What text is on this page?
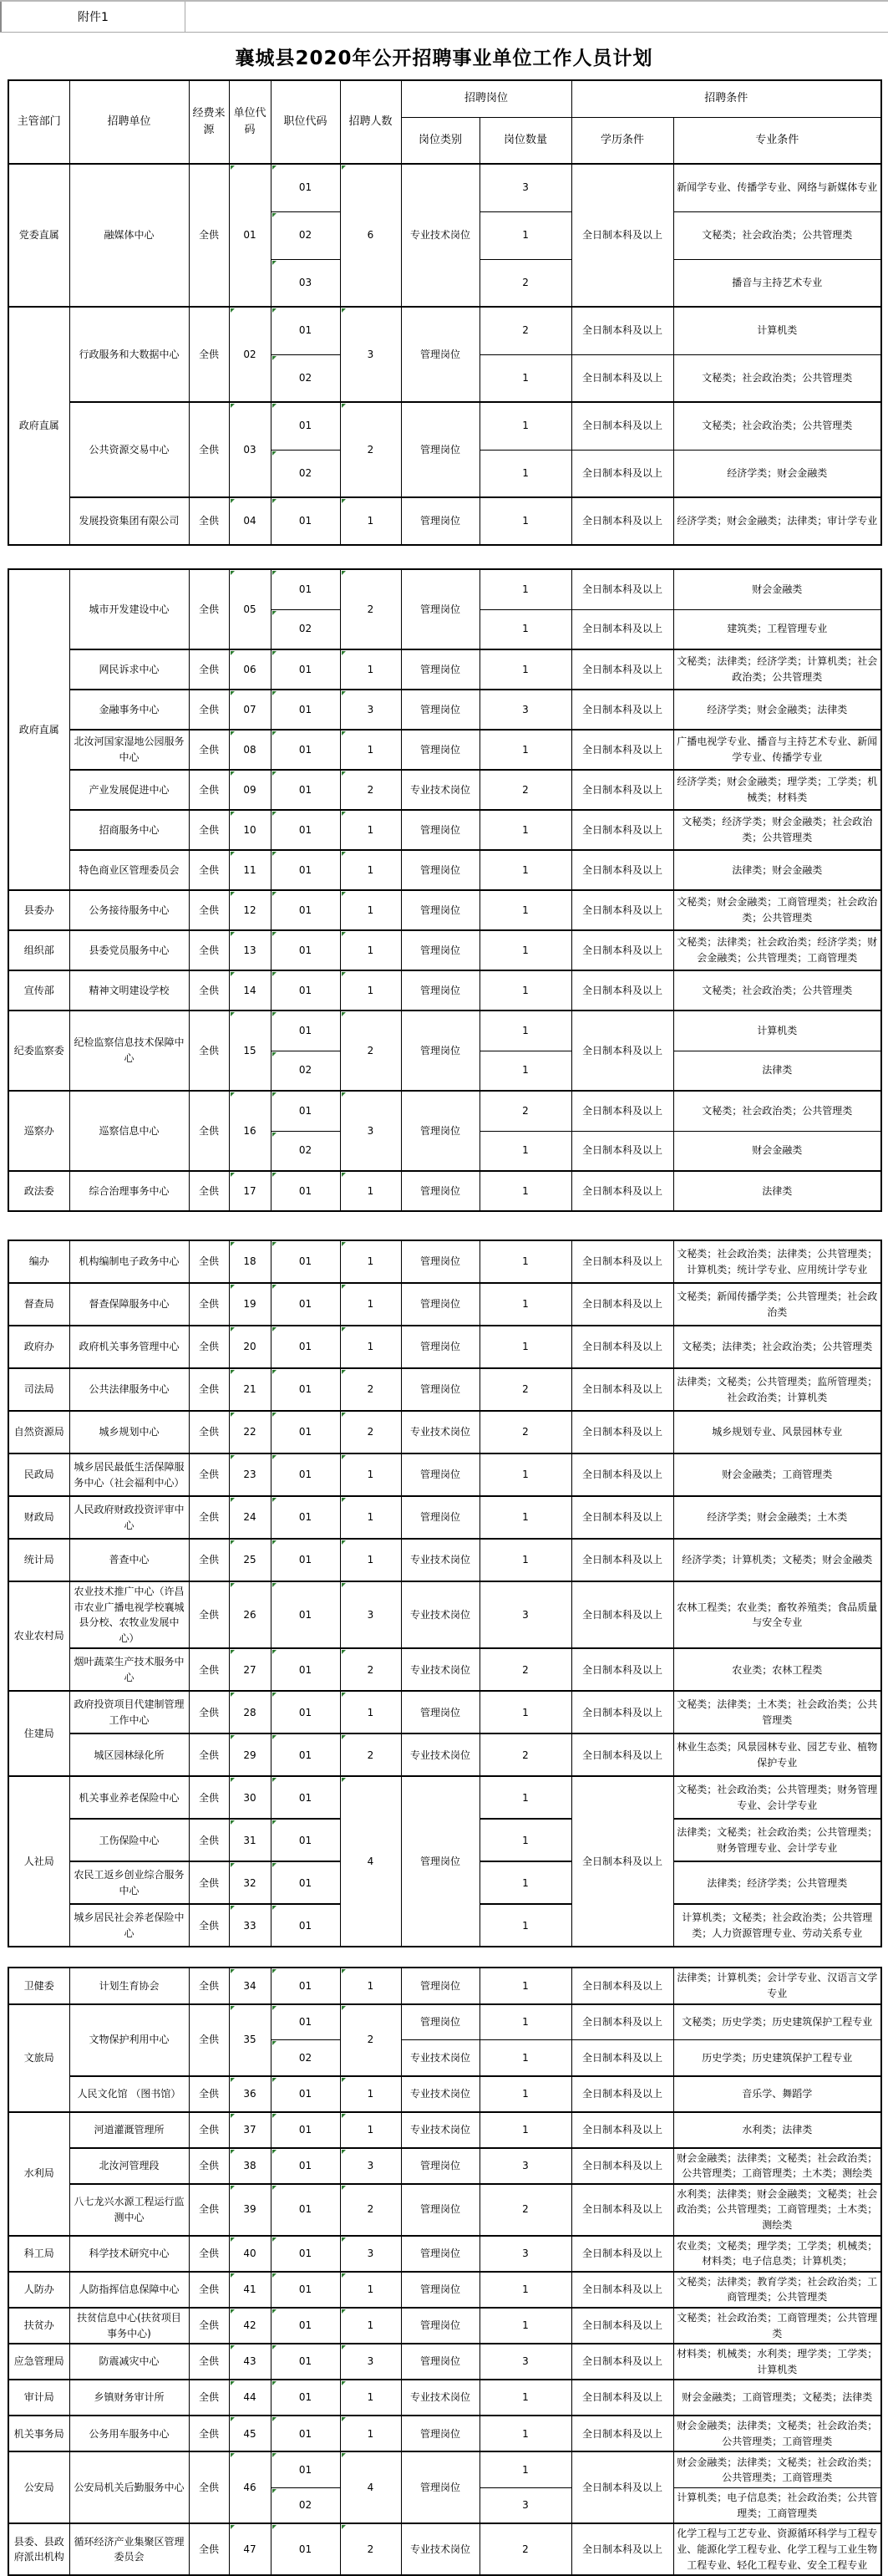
附件1
襄城县2020年公开招聘事业单位工作人员计划
主管部门	招聘单位	经费来源	单位代码	职位代码	招聘人数	招聘岗位		招聘条件	
						岗位类别	岗位数量	学历条件	专业条件
党委直属	融媒体中心	全供	01	01	6	专业技术岗位	3	全日制本科及以上	新闻学专业、传播学专业、网络与新媒体专业
				02			1		文秘类；社会政治类；公共管理类
				03			2		播音与主持艺术专业
政府直属	行政服务和大数据中心	全供	02	01	3	管理岗位	2	全日制本科及以上	计算机类
				02			1	全日制本科及以上	文秘类；社会政治类；公共管理类
	公共资源交易中心	全供	03	01	2	管理岗位	1	全日制本科及以上	文秘类；社会政治类；公共管理类
				02			1	全日制本科及以上	经济学类；财会金融类
	发展投资集团有限公司	全供	04	01	1	管理岗位	1	全日制本科及以上	经济学类；财会金融类；法律类；审计学专业
政府直属	城市开发建设中心	全供	05	01	2	管理岗位	1	全日制本科及以上	财会金融类
				02			1	全日制本科及以上	建筑类；工程管理专业
	网民诉求中心	全供	06	01	1	管理岗位	1	全日制本科及以上	文秘类；法律类；经济学类；计算机类；社会政治类；公共管理类
	金融事务中心	全供	07	01	3	管理岗位	3	全日制本科及以上	经济学类；财会金融类；法律类
	北汝河国家湿地公园服务中心	全供	08	01	1	管理岗位	1	全日制本科及以上	广播电视学专业、播音与主持艺术专业、新闻学专业、传播学专业
	产业发展促进中心	全供	09	01	2	专业技术岗位	2	全日制本科及以上	经济学类；财会金融类；理学类；工学类；机械类；材料类
	招商服务中心	全供	10	01	1	管理岗位	1	全日制本科及以上	文秘类；经济学类；财会金融类；社会政治类；公共管理类
	特色商业区管理委员会	全供	11	01	1	管理岗位	1	全日制本科及以上	法律类；财会金融类
县委办	公务接待服务中心	全供	12	01	1	管理岗位	1	全日制本科及以上	文秘类；财会金融类；工商管理类；社会政治类；公共管理类
组织部	县委党员服务中心	全供	13	01	1	管理岗位	1	全日制本科及以上	文秘类；法律类；社会政治类；经济学类；财会金融类；公共管理类；工商管理类
宣传部	精神文明建设学校	全供	14	01	1	管理岗位	1	全日制本科及以上	文秘类；社会政治类；公共管理类
纪委监察委	纪检监察信息技术保障中心	全供	15	01	2	管理岗位	1	全日制本科及以上	计算机类
				02			1		法律类
巡察办	巡察信息中心	全供	16	01	3	管理岗位	2	全日制本科及以上	文秘类；社会政治类；公共管理类
				02			1	全日制本科及以上	财会金融类
政法委	综合治理事务中心	全供	17	01	1	管理岗位	1	全日制本科及以上	法律类
编办	机构编制电子政务中心	全供	18	01	1	管理岗位	1	全日制本科及以上	文秘类；社会政治类；法律类；公共管理类；计算机类；统计学专业、应用统计学专业
督查局	督查保障服务中心	全供	19	01	1	管理岗位	1	全日制本科及以上	文秘类；新闻传播学类；公共管理类；社会政治类
政府办	政府机关事务管理中心	全供	20	01	1	管理岗位	1	全日制本科及以上	文秘类；法律类；社会政治类；公共管理类
司法局	公共法律服务中心	全供	21	01	2	管理岗位	2	全日制本科及以上	法律类；文秘类；公共管理类；监所管理类；社会政治类；计算机类
自然资源局	城乡规划中心	全供	22	01	2	专业技术岗位	2	全日制本科及以上	城乡规划专业、风景园林专业
民政局	城乡居民最低生活保障服务中心（社会福利中心）	全供	23	01	1	管理岗位	1	全日制本科及以上	财会金融类；工商管理类
财政局	人民政府财政投资评审中心	全供	24	01	1	管理岗位	1	全日制本科及以上	经济学类；财会金融类；土木类
统计局	普查中心	全供	25	01	1	专业技术岗位	1	全日制本科及以上	经济学类；计算机类；文秘类；财会金融类
农业农村局	农业技术推广中心（许昌市农业广播电视学校襄城县分校、农牧业发展中心）	全供	26	01	3	专业技术岗位	3	全日制本科及以上	农林工程类；农业类；畜牧养殖类；食品质量与安全专业
	烟叶蔬菜生产技术服务中心	全供	27	01	2	专业技术岗位	2	全日制本科及以上	农业类；农林工程类
住建局	政府投资项目代建制管理工作中心	全供	28	01	1	管理岗位	1	全日制本科及以上	文秘类；法律类；土木类；社会政治类；公共管理类
	城区园林绿化所	全供	29	01	2	专业技术岗位	2	全日制本科及以上	林业生态类；风景园林专业、园艺专业、植物保护专业
人社局	机关事业养老保险中心	全供	30	01	4	管理岗位	1	全日制本科及以上	文秘类；社会政治类；公共管理类；财务管理专业、会计学专业
	工伤保险中心	全供	31	01			1		法律类；文秘类；社会政治类；公共管理类；财务管理专业、会计学专业
	农民工返乡创业综合服务中心	全供	32	01			1		法律类；经济学类；公共管理类
	城乡居民社会养老保险中心	全供	33	01			1		计算机类；文秘类；社会政治类；公共管理类；人力资源管理专业、劳动关系专业
卫健委	计划生育协会	全供	34	01	1	管理岗位	1	全日制本科及以上	法律类；计算机类；会计学专业、汉语言文学专业
文旅局	文物保护利用中心	全供	35	01	2	管理岗位	1	全日制本科及以上	文秘类；历史学类；历史建筑保护工程专业
				02		专业技术岗位	1	全日制本科及以上	历史学类；历史建筑保护工程专业
	人民文化馆 （图书馆）	全供	36	01	1	专业技术岗位	1	全日制本科及以上	音乐学、舞蹈学
水利局	河道灌溉管理所	全供	37	01	1	专业技术岗位	1	全日制本科及以上	水利类；法律类
	北汝河管理段	全供	38	01	3	管理岗位	3	全日制本科及以上	财会金融类；法律类；文秘类；社会政治类；公共管理类；工商管理类；土木类；测绘类
	八七龙兴水源工程运行监测中心	全供	39	01	2	管理岗位	2	全日制本科及以上	水利类；法律类；财会金融类；文秘类；社会政治类；公共管理类；工商管理类；土木类；测绘类
科工局	科学技术研究中心	全供	40	01	3	管理岗位	3	全日制本科及以上	农业类；文秘类；理学类；工学类；机械类；材料类；电子信息类；计算机类；
人防办	人防指挥信息保障中心	全供	41	01	1	管理岗位	1	全日制本科及以上	文秘类；法律类；教育学类；社会政治类；工商管理类；公共管理类
扶贫办	扶贫信息中心(扶贫项目事务中心)	全供	42	01	1	管理岗位	1	全日制本科及以上	文秘类；社会政治类；工商管理类；公共管理类
应急管理局	防震减灾中心	全供	43	01	3	管理岗位	3	全日制本科及以上	材料类；机械类；水利类；理学类；工学类；计算机类
审计局	乡镇财务审计所	全供	44	01	1	专业技术岗位	1	全日制本科及以上	财会金融类；工商管理类；文秘类；法律类
机关事务局	公务用车服务中心	全供	45	01	1	管理岗位	1	全日制本科及以上	财会金融类；法律类；文秘类；社会政治类；公共管理类；工商管理类
公安局	公安局机关后勤服务中心	全供	46	01	4	管理岗位	1	全日制本科及以上	财会金融类；法律类；文秘类；社会政治类；公共管理类；工商管理类
				02			3		计算机类；电子信息类；社会政治类；公共管理类；工商管理类
县委、县政府派出机构	循环经济产业集聚区管理委员会	全供	47	01	2	专业技术岗位	2	全日制本科及以上	化学工程与工艺专业、资源循环科学与工程专业、能源化学工程专业、化学工程与工业生物工程专业、轻化工程专业、安全工程专业
